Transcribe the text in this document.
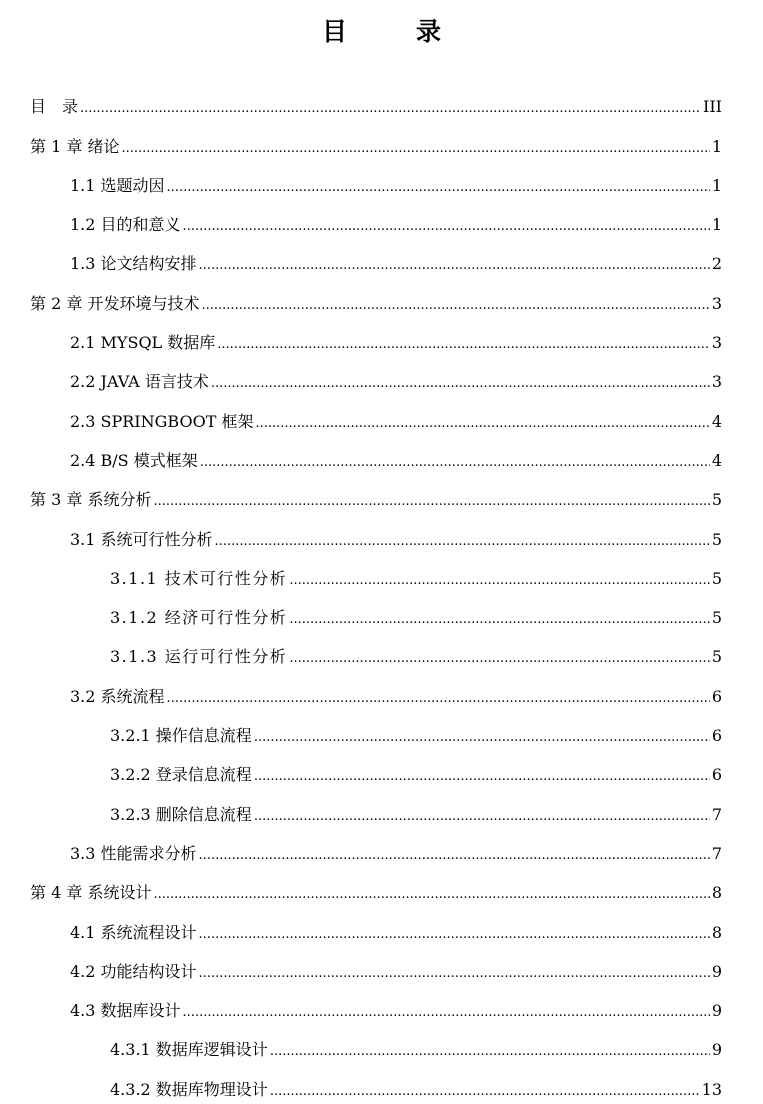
目　录
目　录 .....	III
第 1 章 绪论 .....	1
1.1 选题动因 .....	1
1.2 目的和意义 .....	1
1.3 论文结构安排 .....	2
第 2 章 开发环境与技术 .....	3
2.1 MYSQL 数据库 .....	3
2.2 JAVA 语言技术 .....	3
2.3 SPRINGBOOT 框架 .....	4
2.4 B/S 模式框架 .....	4
第 3 章 系统分析 .....	5
3.1 系统可行性分析 .....	5
3.1.1 技术可行性分析 .....	5
3.1.2 经济可行性分析 .....	5
3.1.3 运行可行性分析 .....	5
3.2 系统流程 .....	6
3.2.1 操作信息流程 .....	6
3.2.2 登录信息流程 .....	6
3.2.3 删除信息流程 .....	7
3.3 性能需求分析 .....	7
第 4 章 系统设计 .....	8
4.1 系统流程设计 .....	8
4.2 功能结构设计 .....	9
4.3 数据库设计 .....	9
4.3.1 数据库逻辑设计 .....	9
4.3.2 数据库物理设计 .....	13
